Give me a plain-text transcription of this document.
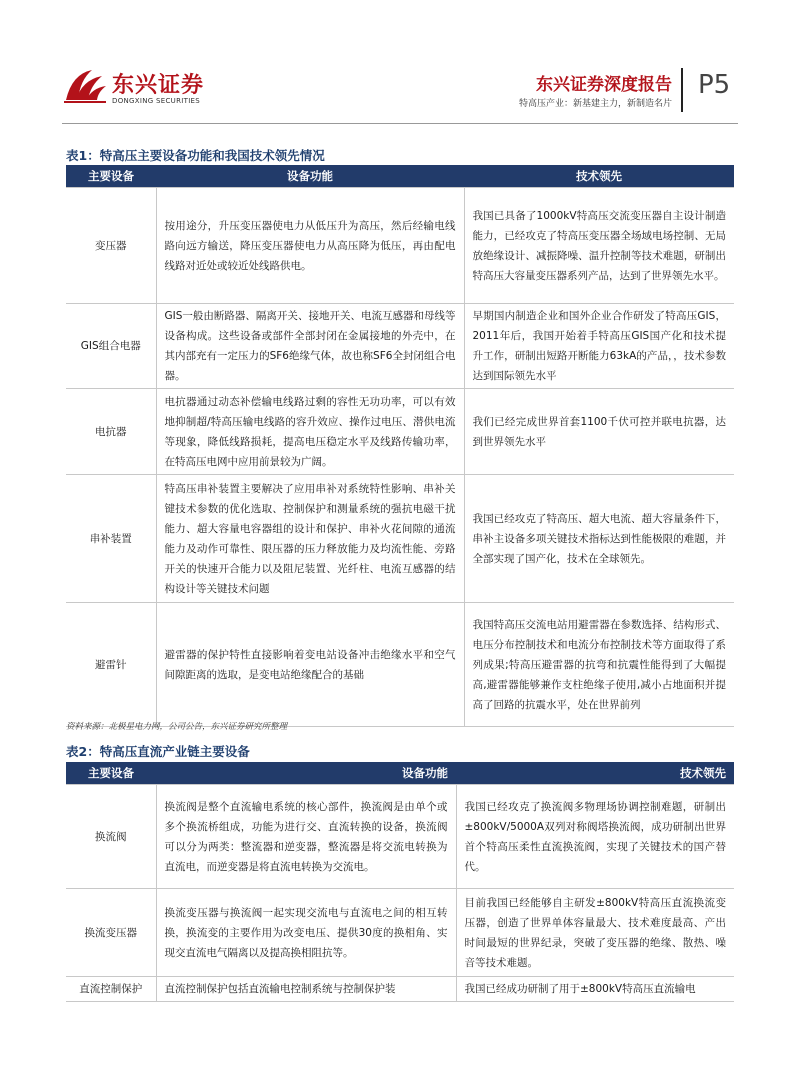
东兴证券
DONGXING SECURITIES
东兴证券深度报告
特高压产业：新基建主力，新制造名片
P5
表1：特高压主要设备功能和我国技术领先情况
主要设备	设备功能	技术领先
变压器	按用途分，升压变压器使电力从低压升为高压，然后经输电线路向远方输送，降压变压器使电力从高压降为低压，再由配电线路对近处或较近处线路供电。	我国已具备了1000kV特高压交流变压器自主设计制造能力，已经攻克了特高压变压器全场域电场控制、无局放绝缘设计、减振降噪、温升控制等技术难题，研制出特高压大容量变压器系列产品，达到了世界领先水平。
GIS组合电器	GIS一般由断路器、隔离开关、接地开关、电流互感器和母线等设备构成。这些设备或部件全部封闭在金属接地的外壳中，在其内部充有一定压力的SF6绝缘气体，故也称SF6全封闭组合电器。	早期国内制造企业和国外企业合作研发了特高压GIS，2011年后，我国开始着手特高压GIS国产化和技术提升工作，研制出短路开断能力63kA的产品，，技术参数达到国际领先水平
电抗器	电抗器通过动态补偿输电线路过剩的容性无功功率，可以有效地抑制超/特高压输电线路的容升效应、操作过电压、潜供电流等现象，降低线路损耗，提高电压稳定水平及线路传输功率，在特高压电网中应用前景较为广阔。	我们已经完成世界首套1100千伏可控并联电抗器，达到世界领先水平
串补装置	特高压串补装置主要解决了应用串补对系统特性影响、串补关键技术参数的优化选取、控制保护和测量系统的强抗电磁干扰能力、超大容量电容器组的设计和保护、串补火花间隙的通流能力及动作可靠性、限压器的压力释放能力及均流性能、旁路开关的快速开合能力以及阻尼装置、光纤柱、电流互感器的结构设计等关键技术问题	我国已经攻克了特高压、超大电流、超大容量条件下，串补主设备多项关键技术指标达到性能极限的难题，并全部实现了国产化，技术在全球领先。
避雷针	避雷器的保护特性直接影响着变电站设备冲击绝缘水平和空气间隙距离的选取，是变电站绝缘配合的基础	我国特高压交流电站用避雷器在参数选择、结构形式、电压分布控制技术和电流分布控制技术等方面取得了系列成果;特高压避雷器的抗弯和抗震性能得到了大幅提高,避雷器能够兼作支柱绝缘子使用,减小占地面积并提高了回路的抗震水平，处在世界前列
资料来源：北极星电力网，公司公告，东兴证券研究所整理
表2：特高压直流产业链主要设备
主要设备	设备功能	技术领先
换流阀	换流阀是整个直流输电系统的核心部件，换流阀是由单个或多个换流桥组成，功能为进行交、直流转换的设备，换流阀可以分为两类：整流器和逆变器，整流器是将交流电转换为直流电，而逆变器是将直流电转换为交流电。	我国已经攻克了换流阀多物理场协调控制难题，研制出±800kV/5000A双列对称阀塔换流阀，成功研制出世界首个特高压柔性直流换流阀，实现了关键技术的国产替代。
换流变压器	换流变压器与换流阀一起实现交流电与直流电之间的相互转换，换流变的主要作用为改变电压、提供30度的换相角、实现交直流电气隔离以及提高换相阻抗等。	目前我国已经能够自主研发±800kV特高压直流换流变压器，创造了世界单体容量最大、技术难度最高、产出时间最短的世界纪录，突破了变压器的绝缘、散热、噪音等技术难题。
直流控制保护	直流控制保护包括直流输电控制系统与控制保护装	我国已经成功研制了用于±800kV特高压直流输电
